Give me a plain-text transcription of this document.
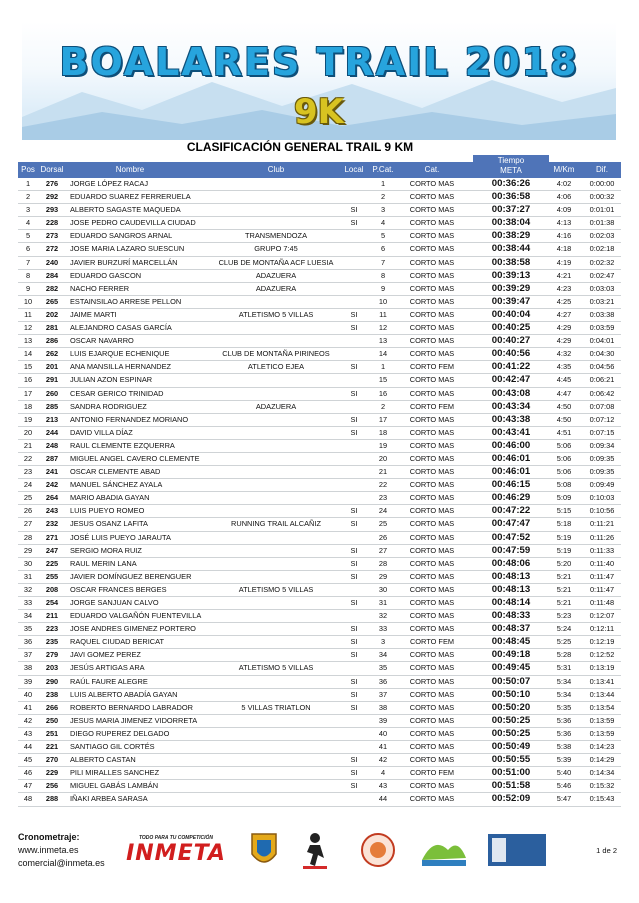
BOALARES TRAIL 2018
9K
CLASIFICACIÓN GENERAL TRAIL 9 KM
Pos Dorsal	Nombre	Club	Local P.Cat.	Cat.
Tiempo
META	M/Km	Dif.
1 276 JORGE LÓPEZ RACAJ	1	CORTO MAS	00:36:26	4:02 0:00:00
2 292 EDUARDO SUAREZ FERRERUELA	2	CORTO MAS	00:36:58	4:06 0:00:32
3 293 ALBERTO SAGASTE MAQUEDA	SI	3	CORTO MAS	00:37:27	4:09 0:01:01
4 228 JOSE PEDRO CAUDEVILLA CIUDAD	SI	4	CORTO MAS	00:38:04	4:13 0:01:38
5 273 EDUARDO SANGROS ARNAL	TRANSMENDOZA	5	CORTO MAS	00:38:29	4:16 0:02:03
6 272 JOSE MARIA LAZARO SUESCUN	GRUPO 7:45	6	CORTO MAS	00:38:44	4:18 0:02:18
7 240 JAVIER BURZURÍ MARCELLÁN	CLUB DE MONTAÑA ACF LUESIA	7	CORTO MAS	00:38:58	4:19 0:02:32
8 284 EDUARDO GASCON	ADAZUERA	8	CORTO MAS	00:39:13	4:21 0:02:47
9 282 NACHO FERRER	ADAZUERA	9	CORTO MAS	00:39:29	4:23 0:03:03
10 265 ESTAINSILAO ARRESE PELLON	10	CORTO MAS	00:39:47	4:25 0:03:21
11 202 JAIME MARTI	ATLETISMO 5 VILLAS	SI	11	CORTO MAS	00:40:04	4:27 0:03:38
12 281 ALEJANDRO CASAS GARCÍA	SI	12	CORTO MAS	00:40:25	4:29 0:03:59
13 286 OSCAR NAVARRO	13	CORTO MAS	00:40:27	4:29 0:04:01
14 262 LUIS EJARQUE ECHENIQUE	CLUB DE MONTAÑA PIRINEOS	14	CORTO MAS	00:40:56	4:32 0:04:30
15 201 ANA MANSILLA HERNANDEZ	ATLETICO EJEA	SI	1	CORTO FEM	00:41:22	4:35 0:04:56
16 291 JULIAN AZON ESPINAR	15	CORTO MAS	00:42:47	4:45 0:06:21
17 260 CESAR GERICO TRINIDAD	SI	16	CORTO MAS	00:43:08	4:47 0:06:42
18 285 SANDRA RODRIGUEZ	ADAZUERA	2	CORTO FEM	00:43:34	4:50 0:07:08
19 213 ANTONIO FERNANDEZ MORIANO	SI	17	CORTO MAS	00:43:38	4:50 0:07:12
20 244 DAVID VILLA DÍAZ	SI	18	CORTO MAS	00:43:41	4:51 0:07:15
21 248 RAUL CLEMENTE EZQUERRA	19	CORTO MAS	00:46:00	5:06 0:09:34
22 287 MIGUEL ANGEL CAVERO CLEMENTE	20	CORTO MAS	00:46:01	5:06 0:09:35
23 241 OSCAR CLEMENTE ABAD	21	CORTO MAS	00:46:01	5:06 0:09:35
24 242 MANUEL SÁNCHEZ AYALA	22	CORTO MAS	00:46:15	5:08 0:09:49
25 264 MARIO ABADIA GAYAN	23	CORTO MAS	00:46:29	5:09 0:10:03
26 243 LUIS PUEYO ROMEO	SI	24	CORTO MAS	00:47:22	5:15 0:10:56
27 232 JESUS OSANZ LAFITA	RUNNING TRAIL ALCAÑIZ	SI	25	CORTO MAS	00:47:47	5:18	0:11:21
28 271 JOSÉ LUIS PUEYO JARAUTA	26	CORTO MAS	00:47:52	5:19	0:11:26
29 247 SERGIO MORA RUIZ	SI	27	CORTO MAS	00:47:59	5:19	0:11:33
30 225 RAUL MERIN LANA	SI	28	CORTO MAS	00:48:06	5:20	0:11:40
31 255 JAVIER DOMÍNGUEZ BERENGUER	SI	29	CORTO MAS	00:48:13	5:21	0:11:47
32 208 OSCAR FRANCES BERGES	ATLETISMO 5 VILLAS	30	CORTO MAS	00:48:13	5:21	0:11:47
33 254 JORGE SANJUAN CALVO	SI	31	CORTO MAS	00:48:14	5:21	0:11:48
34 211 EDUARDO VALGAÑÓN FUENTEVILLA	32	CORTO MAS	00:48:33	5:23 0:12:07
35 223 JOSE ANDRES GIMENEZ PORTERO	SI	33	CORTO MAS	00:48:37	5:24	0:12:11
36 235 RAQUEL CIUDAD BERICAT	SI	3	CORTO FEM	00:48:45	5:25 0:12:19
37 279 JAVI GOMEZ PEREZ	SI	34	CORTO MAS	00:49:18	5:28 0:12:52
38 203 JESÚS ARTIGAS ARA	ATLETISMO 5 VILLAS	35	CORTO MAS	00:49:45	5:31 0:13:19
39 290 RAÚL FAURE ALEGRE	SI	36	CORTO MAS	00:50:07	5:34 0:13:41
40 238 LUIS ALBERTO ABADÍA GAYAN	SI	37	CORTO MAS	00:50:10	5:34 0:13:44
41 266 ROBERTO BERNARDO LABRADOR	5 VILLAS TRIATLON	SI	38	CORTO MAS	00:50:20	5:35 0:13:54
42 250 JESUS MARIA JIMENEZ VIDORRETA	39	CORTO MAS	00:50:25	5:36 0:13:59
43 251 DIEGO RUPEREZ DELGADO	40	CORTO MAS	00:50:25	5:36 0:13:59
44 221 SANTIAGO GIL CORTÉS	41	CORTO MAS	00:50:49	5:38 0:14:23
45 270 ALBERTO CASTAN	SI	42	CORTO MAS	00:50:55	5:39 0:14:29
46 229 PILI MIRALLES SANCHEZ	SI	4	CORTO FEM	00:51:00	5:40 0:14:34
47 256 MIGUEL GABÁS LAMBÁN	SI	43	CORTO MAS	00:51:58	5:46 0:15:32
48 288 IÑAKI ARBEA SARASA	44	CORTO MAS	00:52:09	5:47 0:15:43
Cronometraje:
www.inmeta.es
comercial@inmeta.es
TODO PARA TU COMPETICIÓN
INMETA	1 de 2
